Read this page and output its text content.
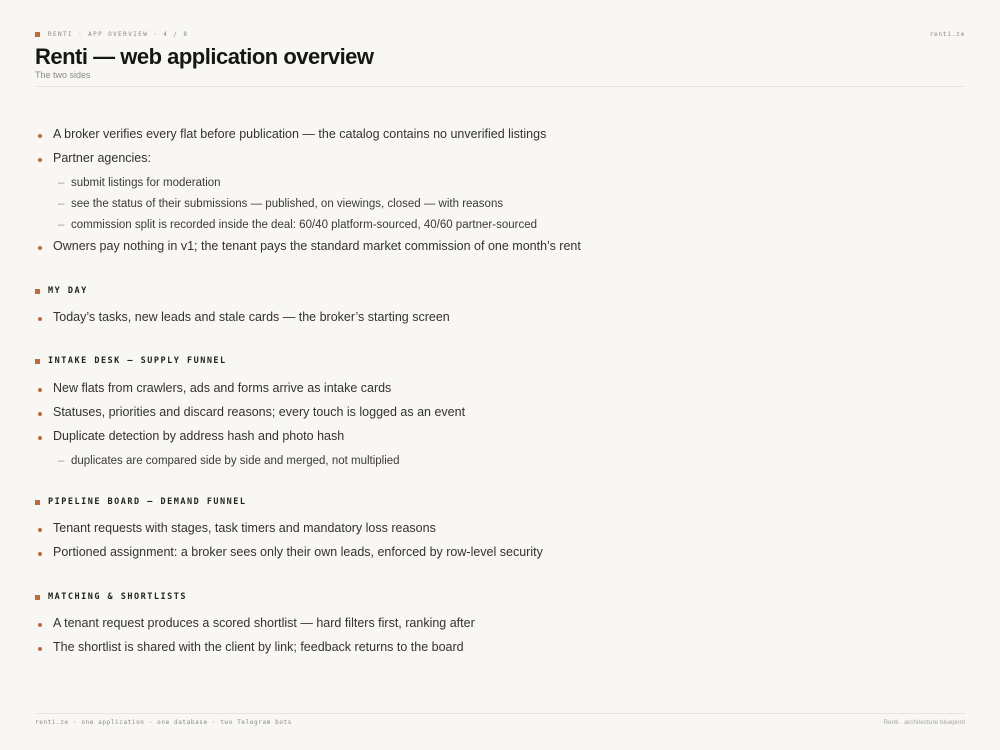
RENTI · APP OVERVIEW · 4 / 8	renti.ze
Renti — web application overview
The two sides
A broker verifies every flat before publication — the catalog contains no unverified listings
Partner agencies:
– submit listings for moderation
– see the status of their submissions — published, on viewings, closed — with reasons
– commission split is recorded inside the deal: 60/40 platform-sourced, 40/60 partner-sourced
Owners pay nothing in v1; the tenant pays the standard market commission of one month’s rent
MY DAY
Today’s tasks, new leads and stale cards — the broker’s starting screen
INTAKE DESK — SUPPLY FUNNEL
New flats from crawlers, ads and forms arrive as intake cards
Statuses, priorities and discard reasons; every touch is logged as an event
Duplicate detection by address hash and photo hash
– duplicates are compared side by side and merged, not multiplied
PIPELINE BOARD — DEMAND FUNNEL
Tenant requests with stages, task timers and mandatory loss reasons
Portioned assignment: a broker sees only their own leads, enforced by row-level security
MATCHING & SHORTLISTS
A tenant request produces a scored shortlist — hard filters first, ranking after
The shortlist is shared with the client by link; feedback returns to the board
renti.ze · one application · one database · two Telegram bots	Renti · architecture blueprint
